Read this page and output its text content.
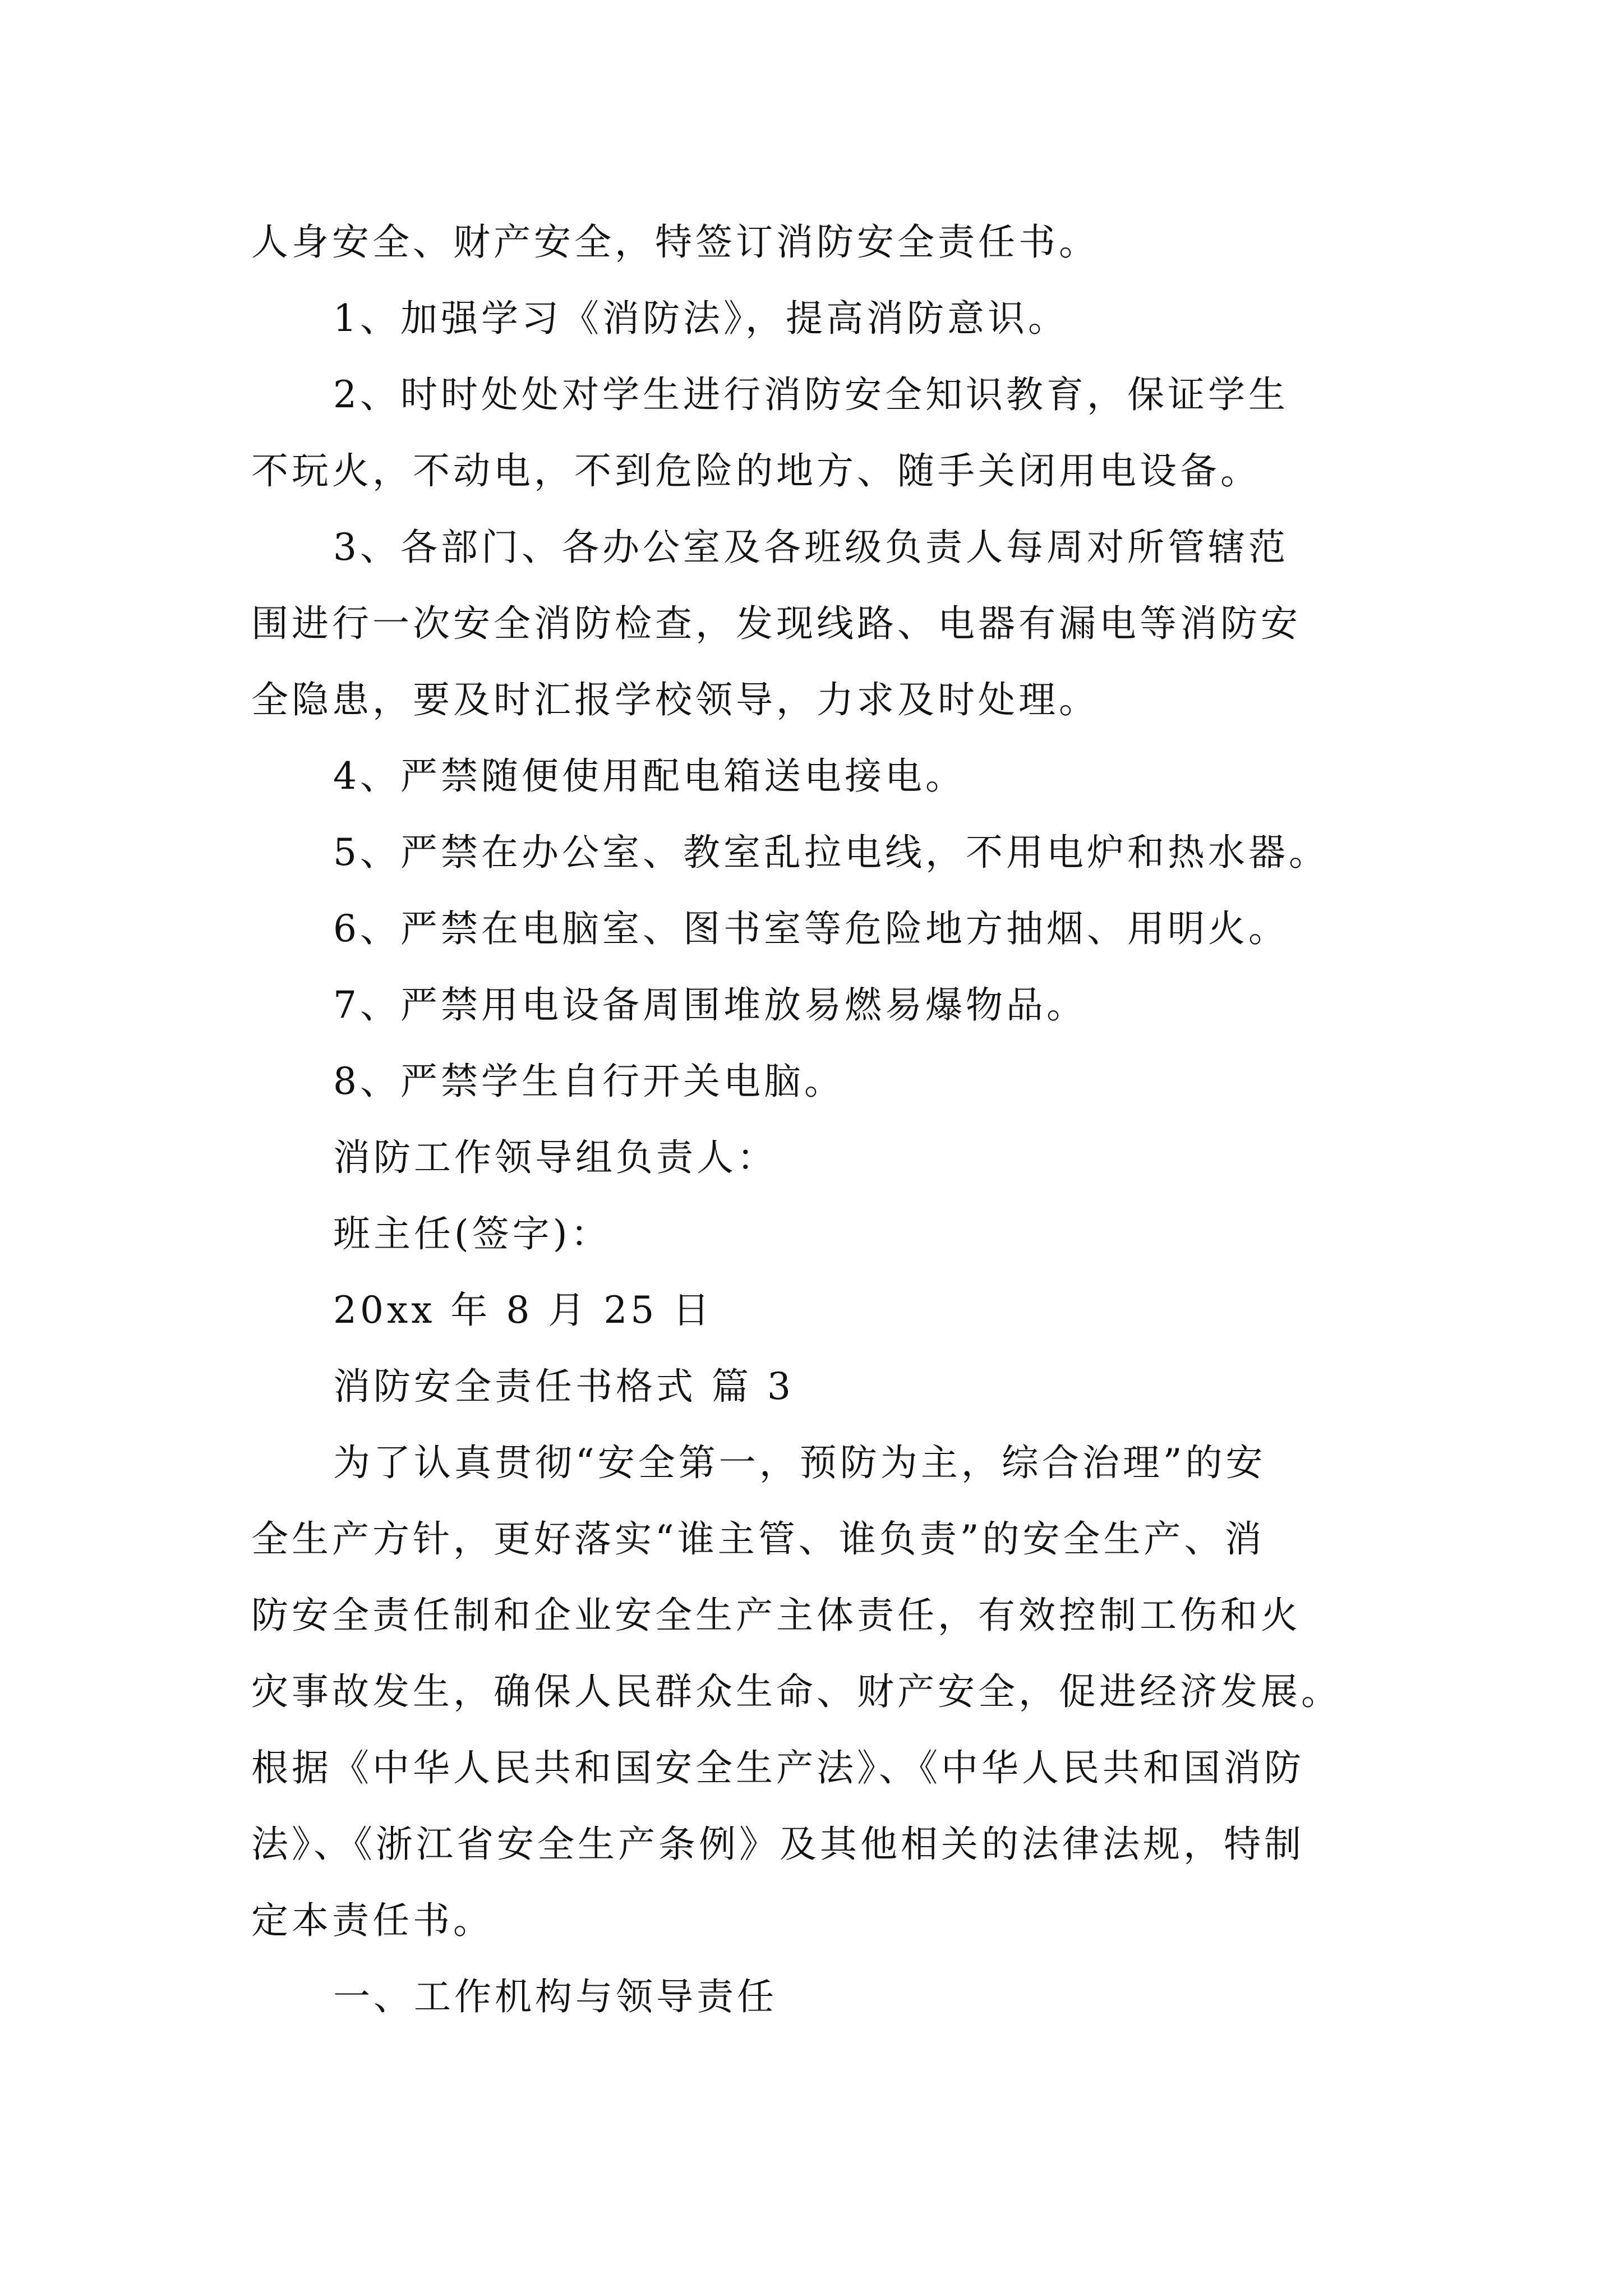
人身安全、财产安全，特签订消防安全责任书。
1、加强学习《消防法》，提高消防意识。
2、时时处处对学生进行消防安全知识教育，保证学生
不玩火，不动电，不到危险的地方、随手关闭用电设备。
3、各部门、各办公室及各班级负责人每周对所管辖范
围进行一次安全消防检查，发现线路、电器有漏电等消防安
全隐患，要及时汇报学校领导，力求及时处理。
4、严禁随便使用配电箱送电接电。
5、严禁在办公室、教室乱拉电线，不用电炉和热水器。
6、严禁在电脑室、图书室等危险地方抽烟、用明火。
7、严禁用电设备周围堆放易燃易爆物品。
8、严禁学生自行开关电脑。
消防工作领导组负责人：
班主任(签字)：
20xx 年 8 月 25 日
消防安全责任书格式 篇 3
为了认真贯彻“安全第一，预防为主，综合治理”的安
全生产方针，更好落实“谁主管、谁负责”的安全生产、消
防安全责任制和企业安全生产主体责任，有效控制工伤和火
灾事故发生，确保人民群众生命、财产安全，促进经济发展。
根据《中华人民共和国安全生产法》、《中华人民共和国消防
法》、《浙江省安全生产条例》及其他相关的法律法规，特制
定本责任书。
一、工作机构与领导责任
